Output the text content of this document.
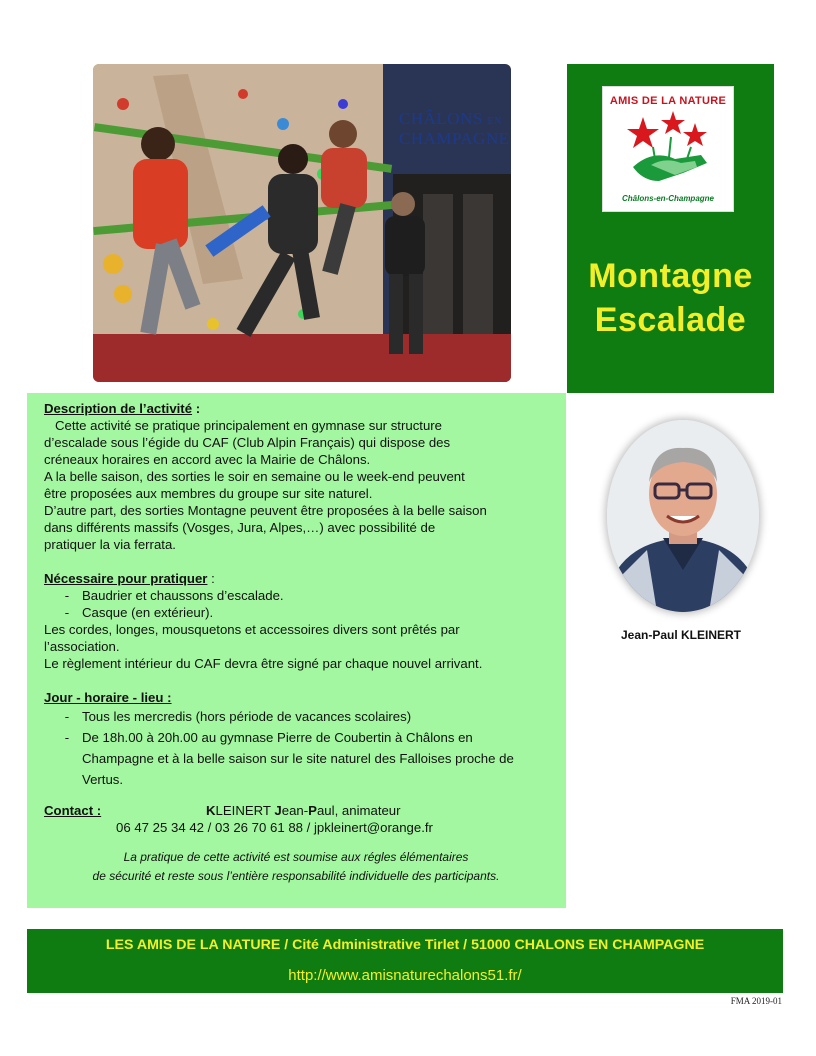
CHÂLONS EN
CHAMPAGNE
AMIS DE LA NATURE
Châlons-en-Champagne
Montagne
Escalade

Description de l’activité :

Cette activité se pratique principalement en gymnase sur structure

d’escalade sous l’égide du CAF (Club Alpin Français) qui dispose des

créneaux horaires en accord avec la Mairie de Châlons.

A la belle saison, des sorties le soir en semaine ou le week-end peuvent

être proposées aux membres du groupe sur site naturel.

D’autre part, des sorties Montagne peuvent être proposées à la belle saison

dans différents massifs (Vosges, Jura, Alpes,…) avec possibilité de

pratiquer la via ferrata.

Nécessaire pour pratiquer :

- Baudrier et chaussons d’escalade.
- Casque (en extérieur).

Les cordes, longes, mousquetons et accessoires divers sont prêtés par

l’association.

Le règlement intérieur du CAF devra être signé par chaque nouvel arrivant.

Jour - horaire - lieu :

- Tous les mercredis (hors période de vacances scolaires)
- De 18h.00 à 20h.00 au gymnase Pierre de Coubertin à Châlons en Champagne et à la belle saison sur le site naturel des Falloises proche de Vertus.
Contact :	KLEINERT Jean-Paul, animateur
06 47 25 34 42 / 03 26 70 61 88 / jpkleinert@orange.fr
La pratique de cette activité est soumise aux régles élémentaires
de sécurité et reste sous l’entière responsabilité individuelle des participants.
Jean-Paul KLEINERT
LES AMIS DE LA NATURE / Cité Administrative Tirlet / 51000 CHALONS EN CHAMPAGNE
http://www.amisnaturechalons51.fr/
FMA 2019-01
